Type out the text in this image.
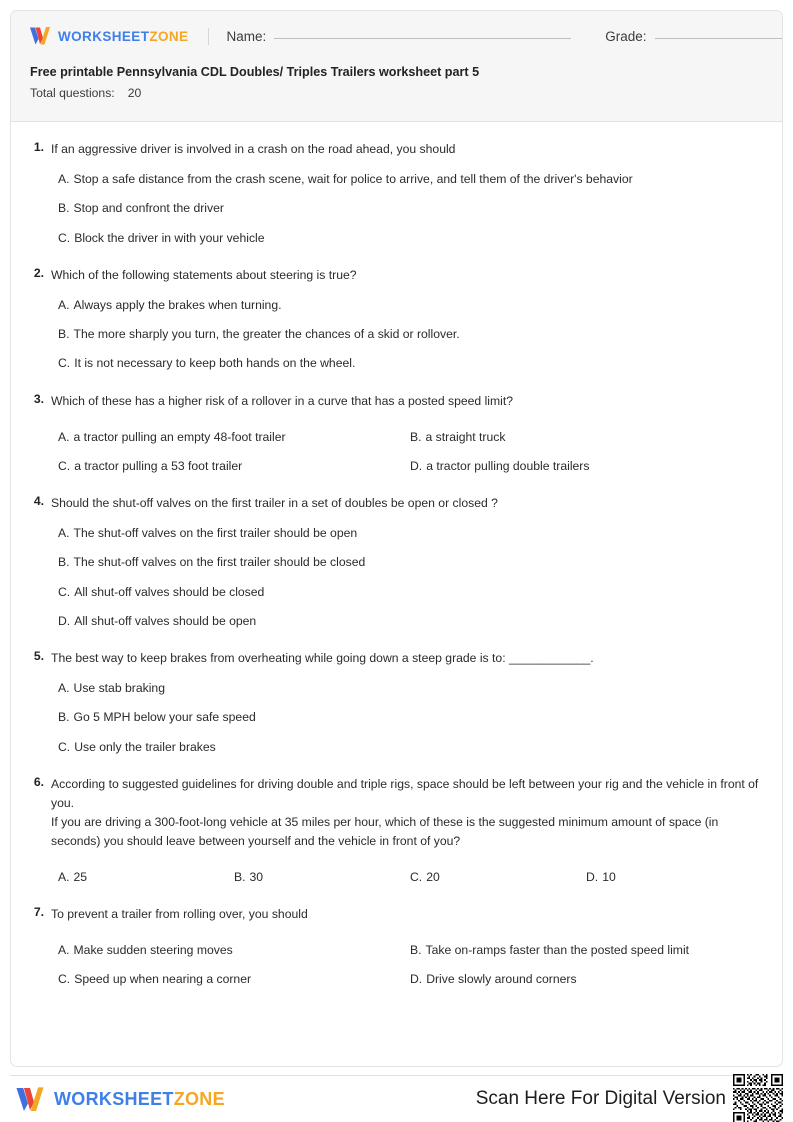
WORKSHEETZONE	Name:	Grade:
Free printable Pennsylvania CDL Doubles/ Triples Trailers worksheet part 5
Total questions: 20
1. If an aggressive driver is involved in a crash on the road ahead, you should
A. Stop a safe distance from the crash scene, wait for police to arrive, and tell them of the driver's behavior
B. Stop and confront the driver
C. Block the driver in with your vehicle
2. Which of the following statements about steering is true?
A. Always apply the brakes when turning.
B. The more sharply you turn, the greater the chances of a skid or rollover.
C. It is not necessary to keep both hands on the wheel.
3. Which of these has a higher risk of a rollover in a curve that has a posted speed limit?
A. a tractor pulling an empty 48-foot trailer	B. a straight truck
C. a tractor pulling a 53 foot trailer	D. a tractor pulling double trailers
4. Should the shut-off valves on the first trailer in a set of doubles be open or closed ?
A. The shut-off valves on the first trailer should be open
B. The shut-off valves on the first trailer should be closed
C. All shut-off valves should be closed
D. All shut-off valves should be open
5. The best way to keep brakes from overheating while going down a steep grade is to: ____________.
A. Use stab braking
B. Go 5 MPH below your safe speed
C. Use only the trailer brakes
6. According to suggested guidelines for driving double and triple rigs, space should be left between your rig and the vehicle in front of you.
If you are driving a 300-foot-long vehicle at 35 miles per hour, which of these is the suggested minimum amount of space (in seconds) you should leave between yourself and the vehicle in front of you?
A. 25	B. 30	C. 20	D. 10
7. To prevent a trailer from rolling over, you should
A. Make sudden steering moves	B. Take on-ramps faster than the posted speed limit
C. Speed up when nearing a corner	D. Drive slowly around corners
WORKSHEETZONE	Scan Here For Digital Version
